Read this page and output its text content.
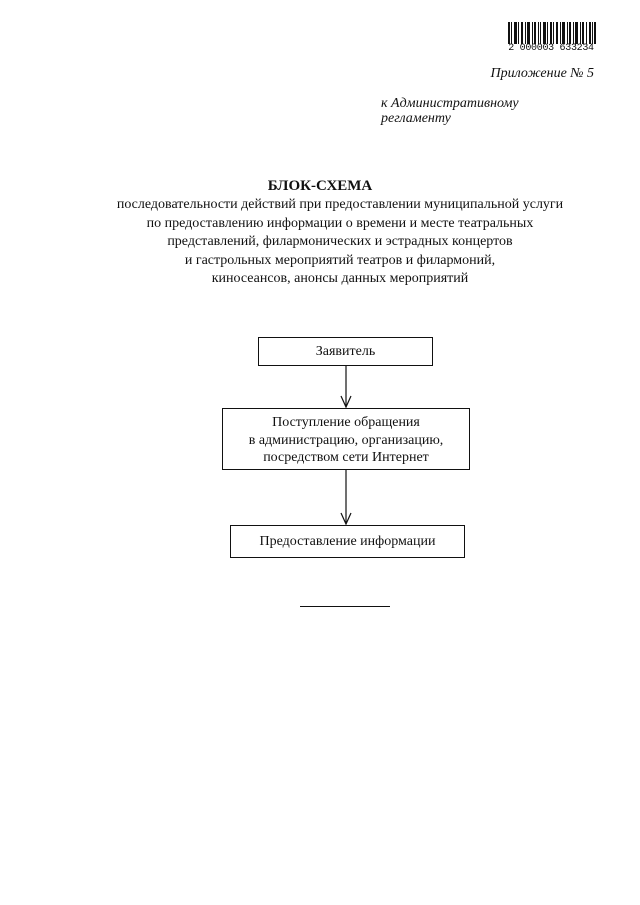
2 000003 633234
Приложение № 5
к Административному
регламенту
БЛОК-СХЕМА
последовательности действий при предоставлении муниципальной услуги
по предоставлению информации о времени и месте театральных
представлений, филармонических и эстрадных концертов
и гастрольных мероприятий театров и филармоний,
киносеансов, анонсы данных мероприятий
Заявитель
Поступление обращения
в администрацию, организацию,
посредством сети Интернет
Предоставление информации
